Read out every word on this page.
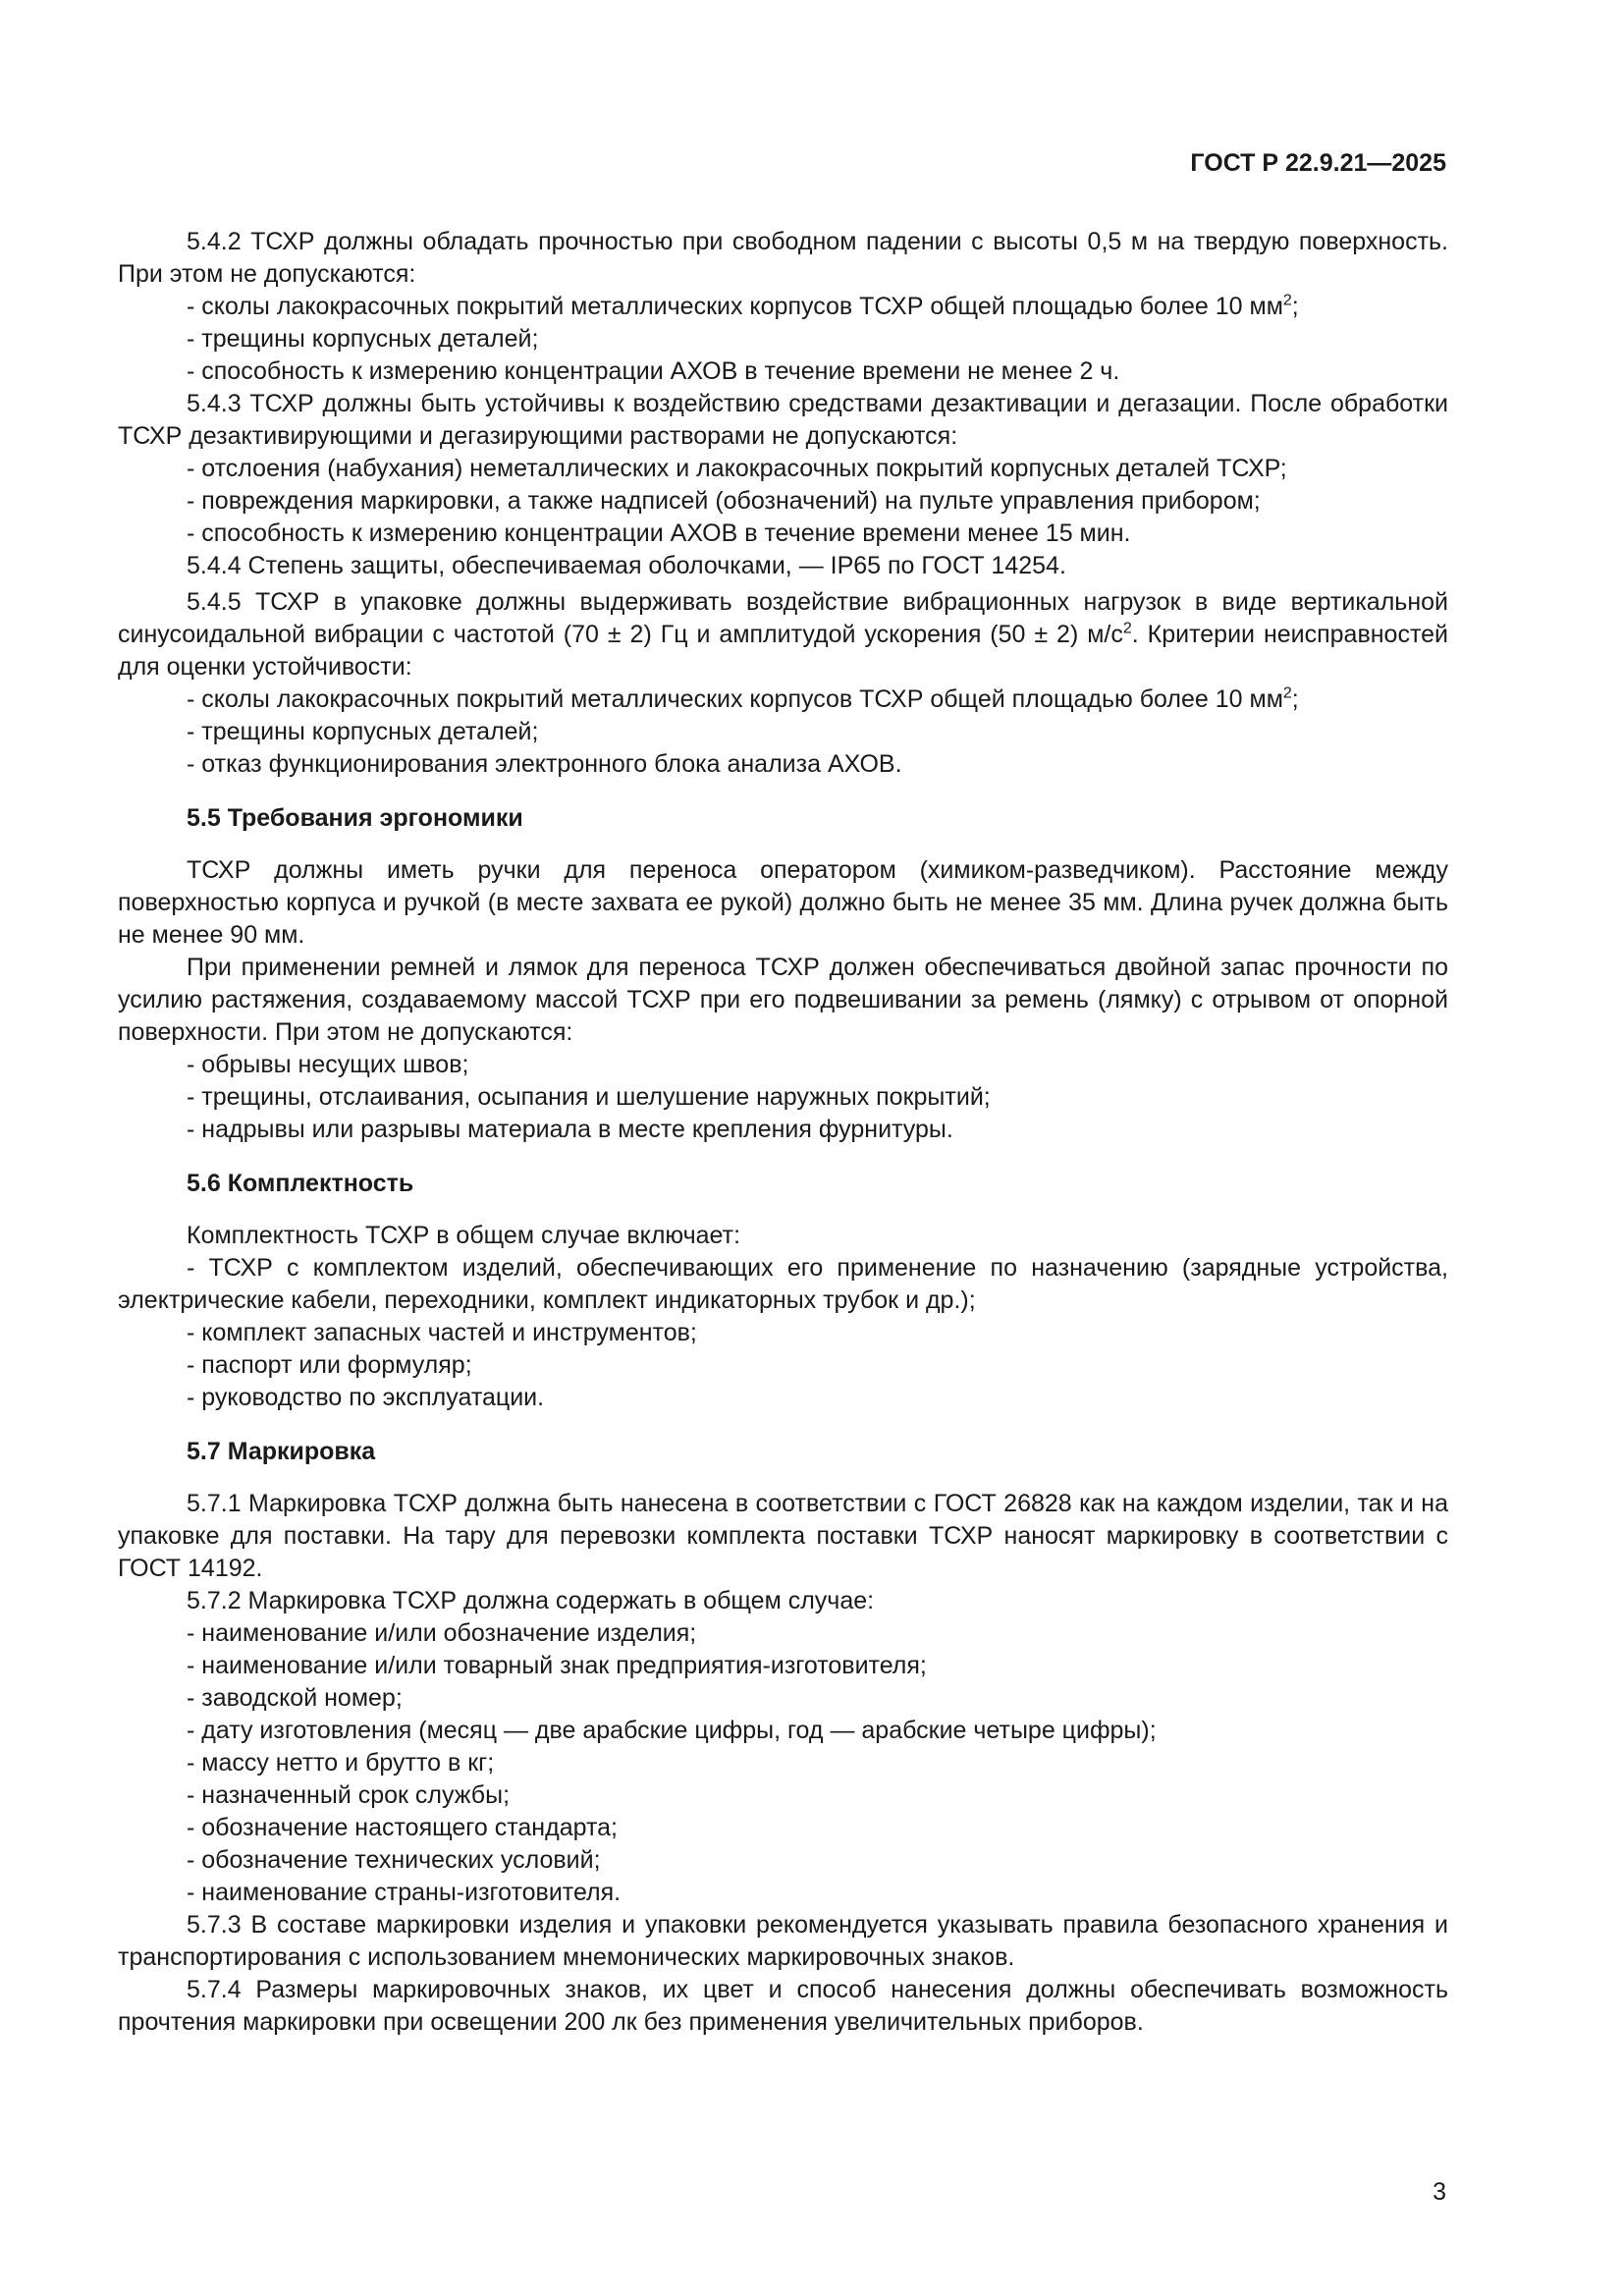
ГОСТ Р 22.9.21—2025

5.4.2 ТСХР должны обладать прочностью при свободном падении с высоты 0,5 м на твердую поверхность. При этом не допускаются:

- сколы лакокрасочных покрытий металлических корпусов ТСХР общей площадью более 10 $мм^2$;

- трещины корпусных деталей;

- способность к измерению концентрации АХОВ в течение времени не менее 2 ч.

5.4.3 ТСХР должны быть устойчивы к воздействию средствами дезактивации и дегазации. После обработки ТСХР дезактивирующими и дегазирующими растворами не допускаются:

- отслоения (набухания) неметаллических и лакокрасочных покрытий корпусных деталей ТСХР;

- повреждения маркировки, а также надписей (обозначений) на пульте управления прибором;

- способность к измерению концентрации АХОВ в течение времени менее 15 мин.

5.4.4 Степень защиты, обеспечиваемая оболочками, — IP65 по ГОСТ 14254.

5.4.5 ТСХР в упаковке должны выдерживать воздействие вибрационных нагрузок в виде вертикальной синусоидальной вибрации с частотой (70 ± 2) Гц и амплитудой ускорения (50 ± 2) $м/с^2$. Критерии неисправностей для оценки устойчивости:

- сколы лакокрасочных покрытий металлических корпусов ТСХР общей площадью более 10 $мм^2$;

- трещины корпусных деталей;

- отказ функционирования электронного блока анализа АХОВ.

5.5 Требования эргономики

ТСХР должны иметь ручки для переноса оператором (химиком-разведчиком). Расстояние между поверхностью корпуса и ручкой (в месте захвата ее рукой) должно быть не менее 35 мм. Длина ручек должна быть не менее 90 мм.

При применении ремней и лямок для переноса ТСХР должен обеспечиваться двойной запас прочности по усилию растяжения, создаваемому массой ТСХР при его подвешивании за ремень (лямку) с отрывом от опорной поверхности. При этом не допускаются:

- обрывы несущих швов;

- трещины, отслаивания, осыпания и шелушение наружных покрытий;

- надрывы или разрывы материала в месте крепления фурнитуры.

5.6 Комплектность

Комплектность ТСХР в общем случае включает:

- ТСХР с комплектом изделий, обеспечивающих его применение по назначению (зарядные устройства, электрические кабели, переходники, комплект индикаторных трубок и др.);

- комплект запасных частей и инструментов;

- паспорт или формуляр;

- руководство по эксплуатации.

5.7 Маркировка

5.7.1 Маркировка ТСХР должна быть нанесена в соответствии с ГОСТ 26828 как на каждом изделии, так и на упаковке для поставки. На тару для перевозки комплекта поставки ТСХР наносят маркировку в соответствии с ГОСТ 14192.

5.7.2 Маркировка ТСХР должна содержать в общем случае:

- наименование и/или обозначение изделия;

- наименование и/или товарный знак предприятия-изготовителя;

- заводской номер;

- дату изготовления (месяц — две арабские цифры, год — арабские четыре цифры);

- массу нетто и брутто в кг;

- назначенный срок службы;

- обозначение настоящего стандарта;

- обозначение технических условий;

- наименование страны-изготовителя.

5.7.3 В составе маркировки изделия и упаковки рекомендуется указывать правила безопасного хранения и транспортирования с использованием мнемонических маркировочных знаков.

5.7.4 Размеры маркировочных знаков, их цвет и способ нанесения должны обеспечивать возможность прочтения маркировки при освещении 200 лк без применения увеличительных приборов.

3
